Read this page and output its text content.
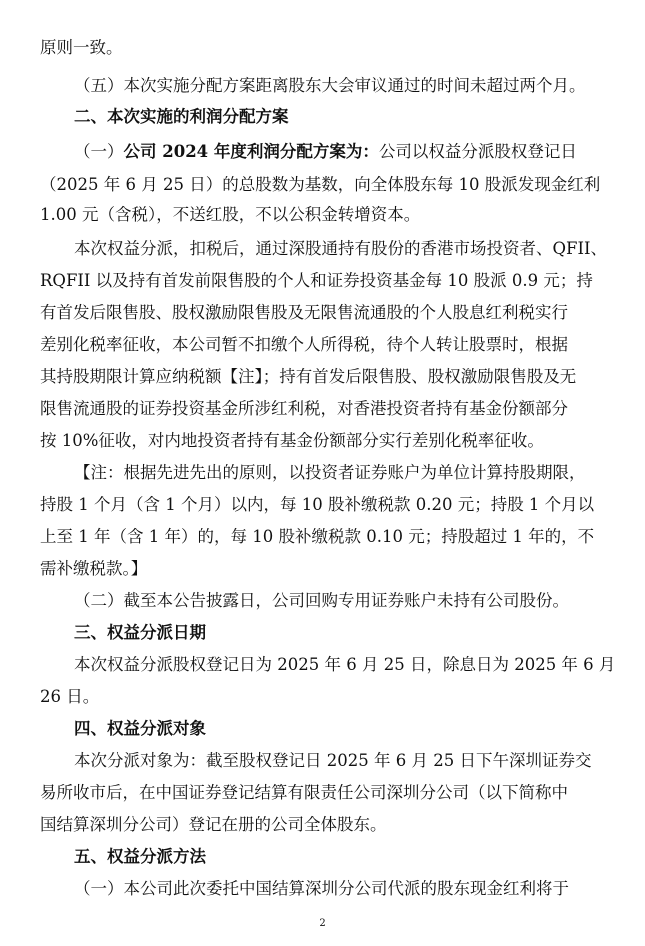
原则一致。
（五）本次实施分配方案距离股东大会审议通过的时间未超过两个月。
二、本次实施的利润分配方案
（一）公司 2024 年度利润分配方案为：公司以权益分派股权登记日
（2025 年 6 月 25 日）的总股数为基数，向全体股东每 10 股派发现金红利
1.00 元（含税），不送红股，不以公积金转增资本。
本次权益分派，扣税后，通过深股通持有股份的香港市场投资者、QFII、
RQFII 以及持有首发前限售股的个人和证券投资基金每 10 股派 0.9 元；持
有首发后限售股、股权激励限售股及无限售流通股的个人股息红利税实行
差别化税率征收，本公司暂不扣缴个人所得税，待个人转让股票时，根据
其持股期限计算应纳税额【注】；持有首发后限售股、股权激励限售股及无
限售流通股的证券投资基金所涉红利税，对香港投资者持有基金份额部分
按 10%征收，对内地投资者持有基金份额部分实行差别化税率征收。
【注：根据先进先出的原则，以投资者证券账户为单位计算持股期限，
持股 1 个月（含 1 个月）以内，每 10 股补缴税款 0.20 元；持股 1 个月以
上至 1 年（含 1 年）的，每 10 股补缴税款 0.10 元；持股超过 1 年的，不
需补缴税款。】
（二）截至本公告披露日，公司回购专用证券账户未持有公司股份。
三、权益分派日期
本次权益分派股权登记日为 2025 年 6 月 25 日，除息日为 2025 年 6 月
26 日。
四、权益分派对象
本次分派对象为：截至股权登记日 2025 年 6 月 25 日下午深圳证券交
易所收市后，在中国证券登记结算有限责任公司深圳分公司（以下简称中
国结算深圳分公司）登记在册的公司全体股东。
五、权益分派方法
（一）本公司此次委托中国结算深圳分公司代派的股东现金红利将于
2
